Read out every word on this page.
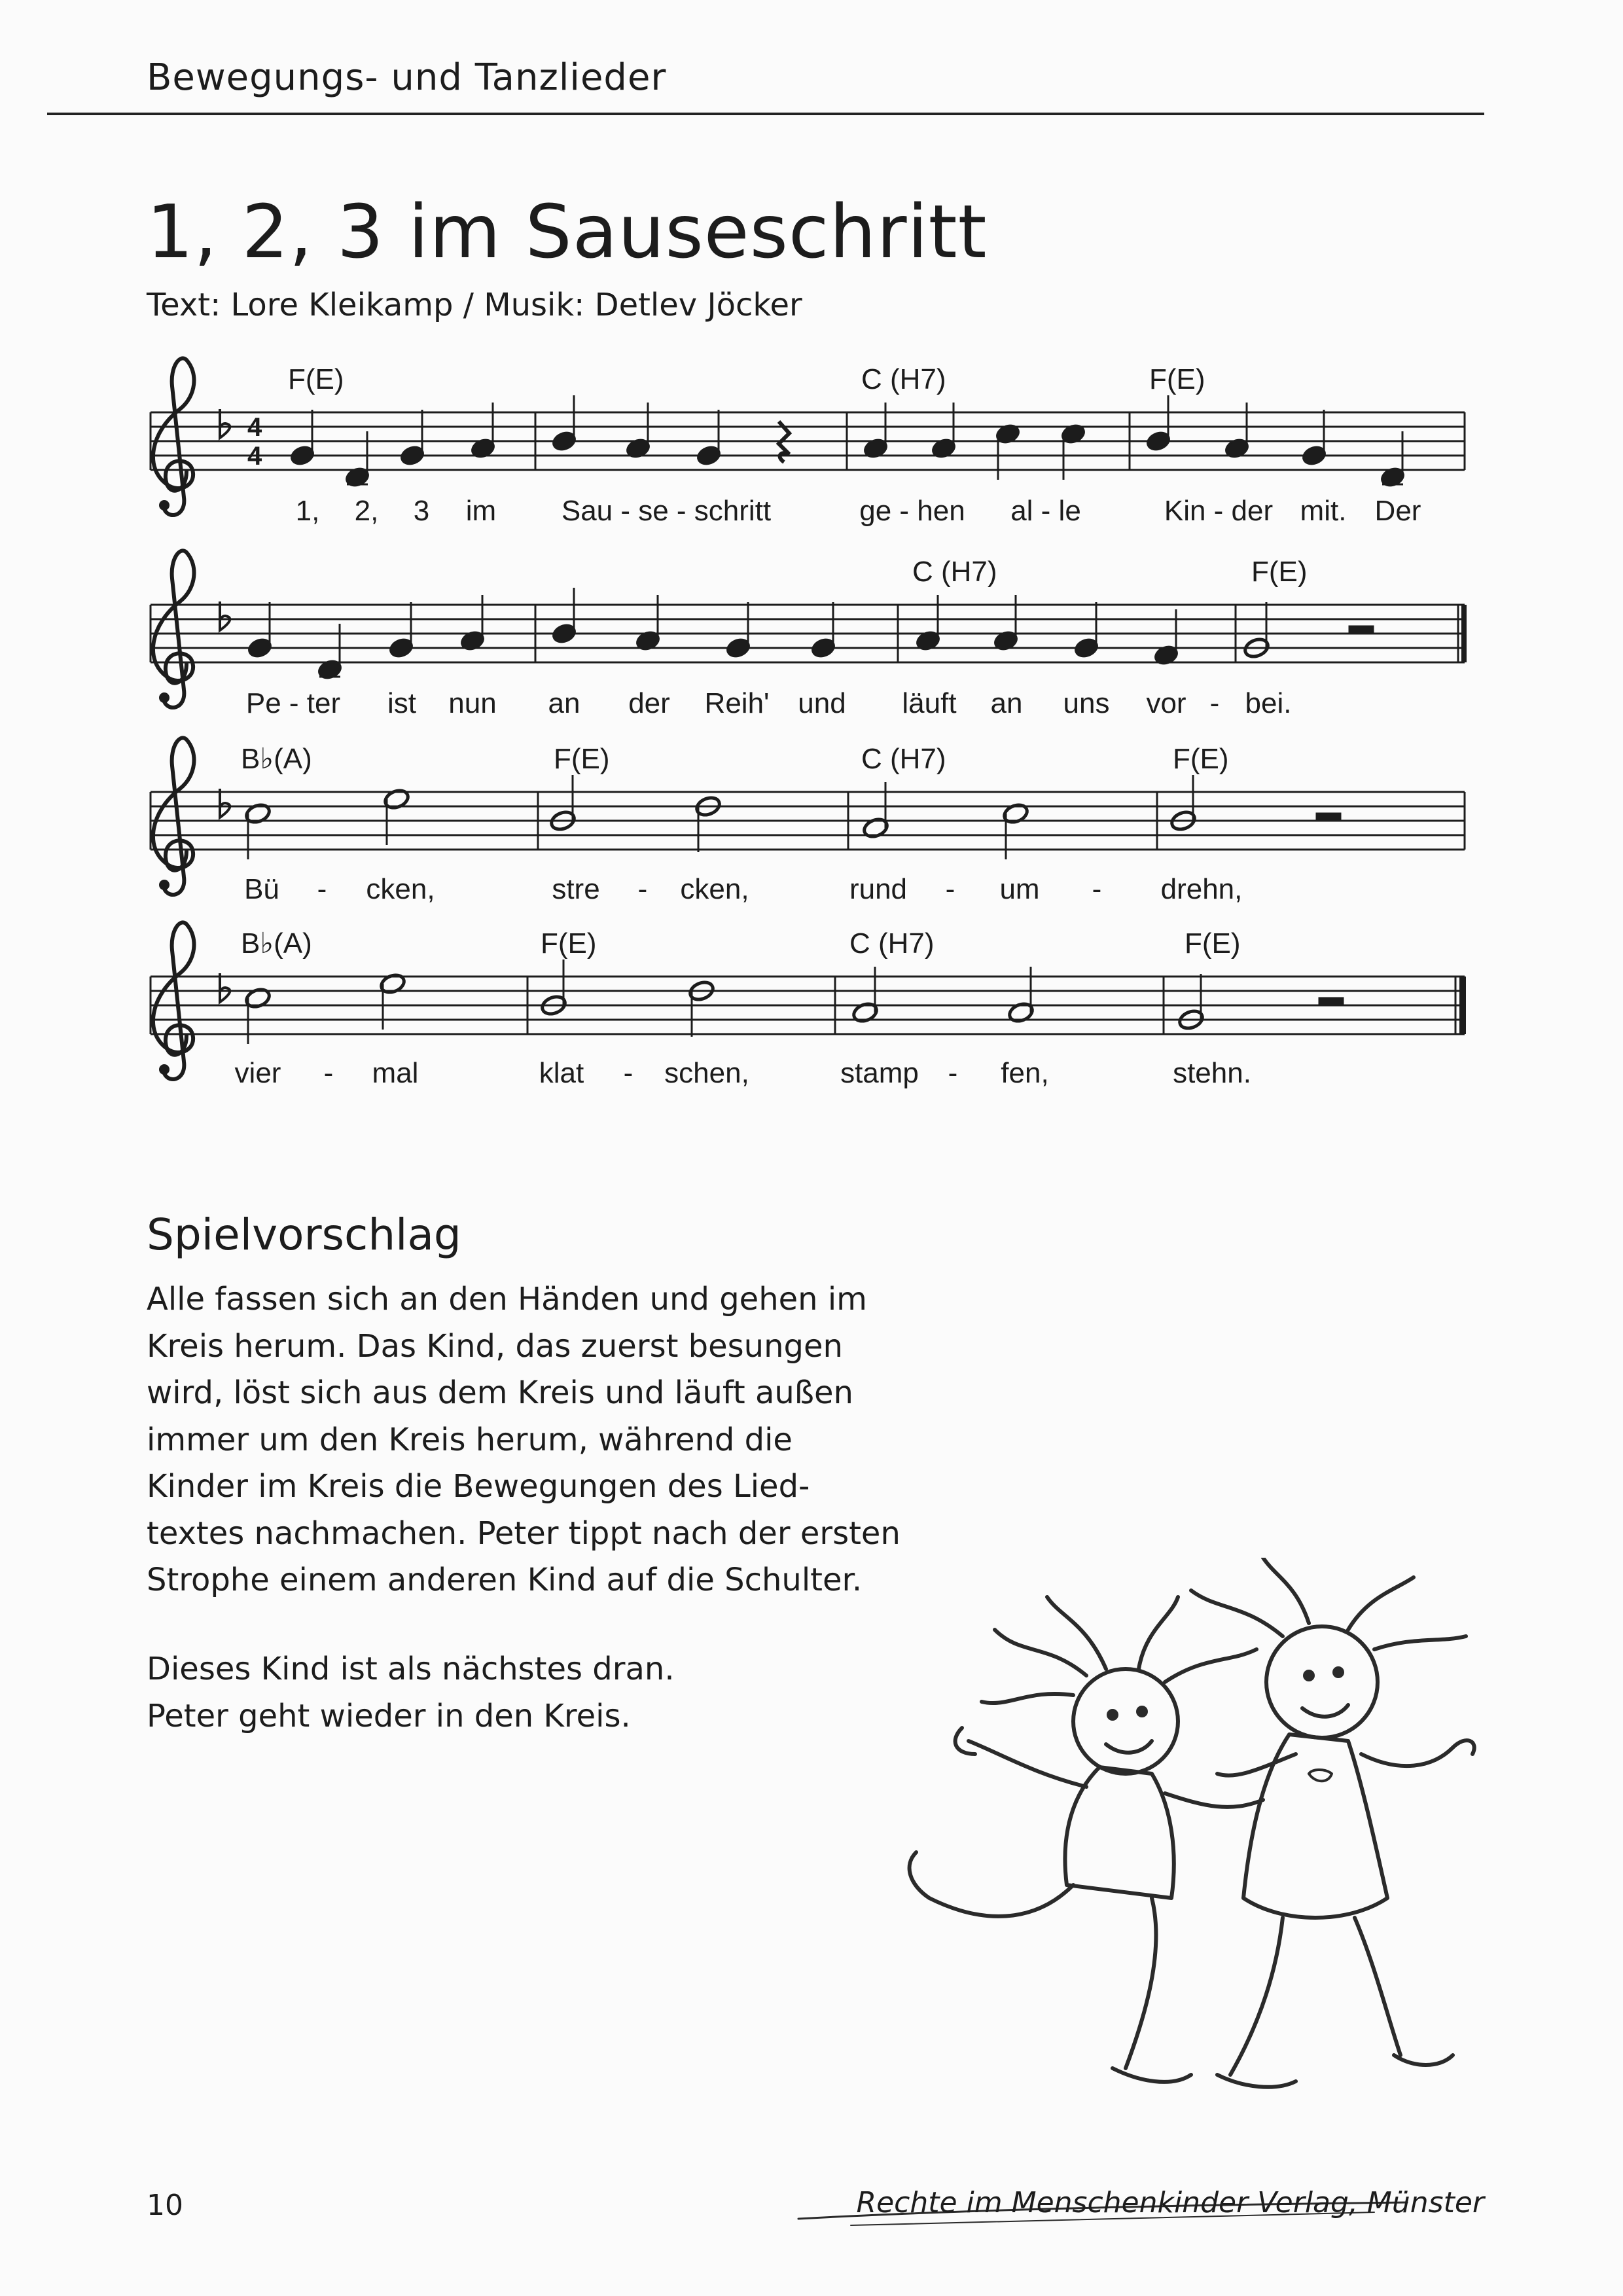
Bewegungs- und Tanzlieder
1, 2, 3 im Sauseschritt
Text: Lore Kleikamp / Musik: Detlev Jöcker
4
4
F(E)	C (H7)	F(E)
1, 2, 3 im Sau - se - schritt	ge - hen al - le	Kin - der mit. Der
C (H7)	F(E)
Pe - ter ist nun an der Reih' und läuft an uns vor - bei.
B♭(A)	F(E)	C (H7)	F(E)
Bü - cken,	stre - cken,	rund - um - drehn,
B♭(A)	F(E)	C (H7)	F(E)
vier - mal	klat - schen,	stamp - fen,	stehn.
Spielvorschlag

Alle fassen sich an den Händen und gehen im

Kreis herum. Das Kind, das zuerst besungen

wird, löst sich aus dem Kreis und läuft außen

immer um den Kreis herum, während die

Kinder im Kreis die Bewegungen des Lied-

textes nachmachen. Peter tippt nach der ersten

Strophe einem anderen Kind auf die Schulter.

Dieses Kind ist als nächstes dran.

Peter geht wieder in den Kreis.

10	Rechte im Menschenkinder Verlag, Münster
